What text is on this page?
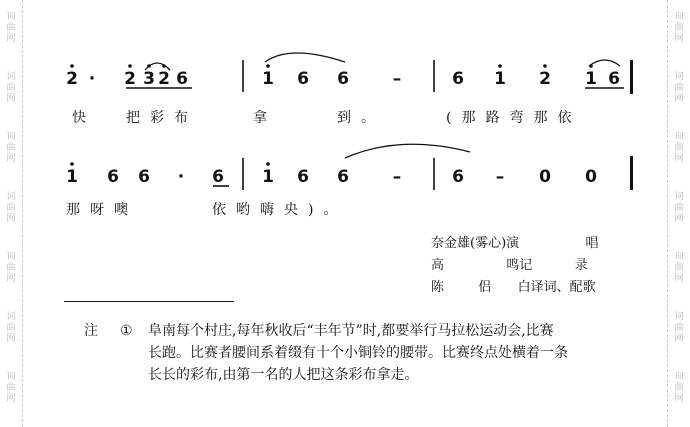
词
曲
网
词
曲
网
词
曲
网
词
曲
网
词
曲
网
词
曲
网
词
曲
网
词
曲
网
词
曲
网
词
曲
网
词
曲
网
词
曲
网
词
曲
网
词
曲
网
2 · 2 3 2 6	1 6 6	–	6 1 2 1 6
快 把彩布	拿	到。	(那路弯那依
1 6 6 · 6 1 6 6	–	6 – 0 0
那呀噢	依哟嗨央)。
奈金雄(雾心)演	唱
高	鸣记	录
陈	侣 白译词、配歌
注	①	阜南每个村庄,每年秋收后“丰年节”时,都要举行马拉松运动会,比赛
长跑。比赛者腰间系着缀有十个小铜铃的腰带。比赛终点处横着一条
长长的彩布,由第一名的人把这条彩布拿走。
